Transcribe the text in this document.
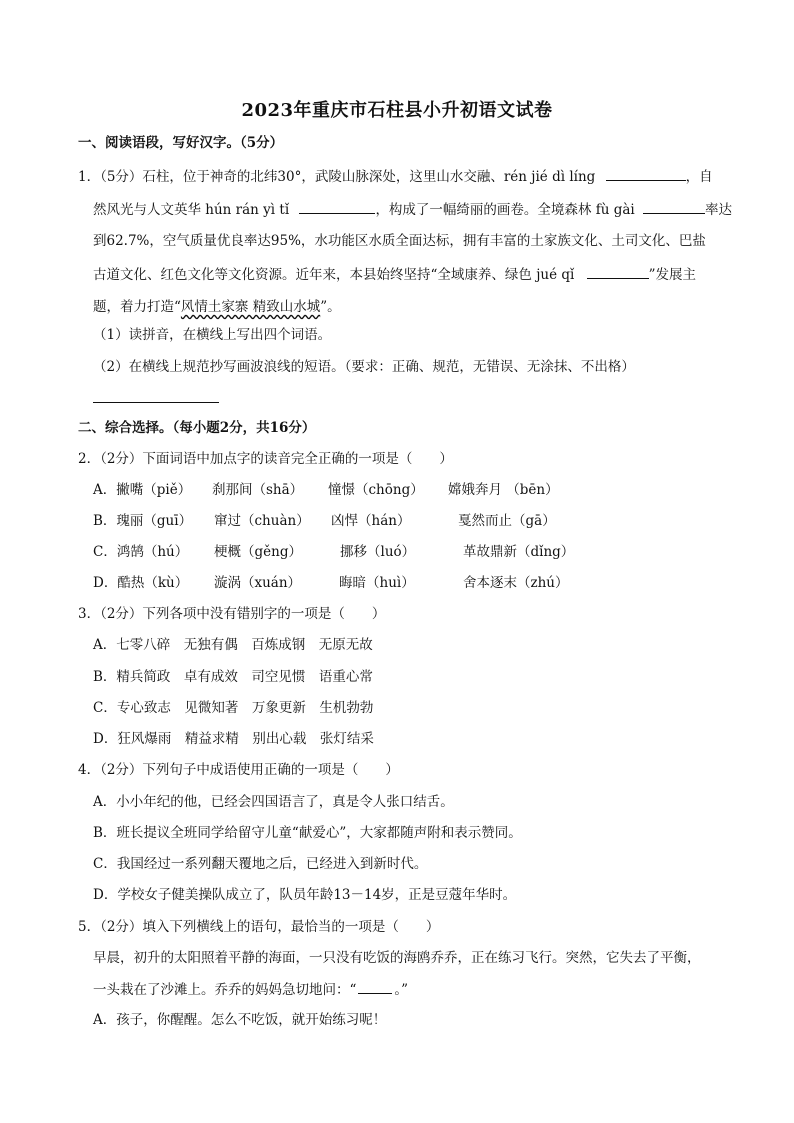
2023年重庆市石柱县小升初语文试卷
一、阅读语段，写好汉字。（5分）
1．（5分）石柱，位于神奇的北纬30°，武陵山脉深处，这里山水交融、rén jié dì líng	，自
然风光与人文英华 hún rán yì tǐ	，构成了一幅绮丽的画卷。全境森林 fù gài	率达
到62.7%，空气质量优良率达95%，水功能区水质全面达标，拥有丰富的土家族文化、土司文化、巴盐
古道文化、红色文化等文化资源。近年来，本县始终坚持“全域康养、绿色 jué qǐ	”发展主
题，着力打造“风情土家寨 精致山水城”。
（1）读拼音，在横线上写出四个词语。
（2）在横线上规范抄写画波浪线的短语。（要求：正确、规范，无错误、无涂抹、不出格）
二、综合选择。（每小题2分，共16分）
2．（2分）下面词语中加点字的读音完全正确的一项是（　　）
A．撇嘴（piě） 刹那间（shā） 憧憬（chōng） 嫦娥奔月 （bēn）
B．瑰丽（guī） 窜过（chuàn） 凶悍（hán）	戛然而止（gā）
C．鸿鹄（hú） 梗概（gěng）	挪移（luó）	革故鼎新（dǐng）
D．酷热（kù） 漩涡（xuán）	晦暗（huì）	舍本逐末（zhú）
3．（2分）下列各项中没有错别字的一项是（　　）
A．七零八碎　无独有偶　百炼成钢　无原无故
B．精兵简政　卓有成效　司空见惯　语重心常
C．专心致志　见微知著　万象更新　生机勃勃
D．狂风爆雨　精益求精　别出心载　张灯结采
4．（2分）下列句子中成语使用正确的一项是（　　）
A．小小年纪的他，已经会四国语言了，真是令人张口结舌。
B．班长提议全班同学给留守儿童“献爱心”，大家都随声附和表示赞同。
C．我国经过一系列翻天覆地之后，已经进入到新时代。
D．学校女子健美操队成立了，队员年龄13－14岁，正是豆蔻年华时。
5．（2分）填入下列横线上的语句，最恰当的一项是（　　）
早晨，初升的太阳照着平静的海面，一只没有吃饭的海鸥乔乔，正在练习飞行。突然，它失去了平衡，
一头栽在了沙滩上。乔乔的妈妈急切地问：“	。”
A．孩子，你醒醒。怎么不吃饭，就开始练习呢！
